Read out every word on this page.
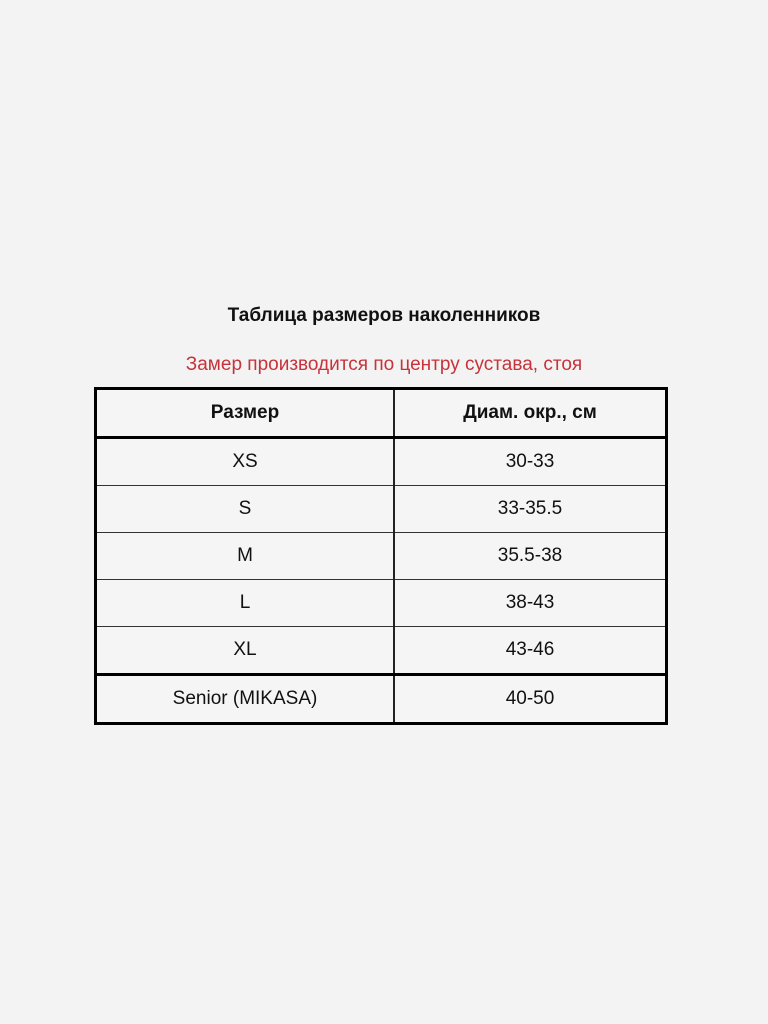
Таблица размеров наколенников
Замер производится по центру сустава, стоя
Размер	Диам. окр., см
XS	30-33
S	33-35.5
M	35.5-38
L	38-43
XL	43-46
Senior (MIKASA)	40-50
